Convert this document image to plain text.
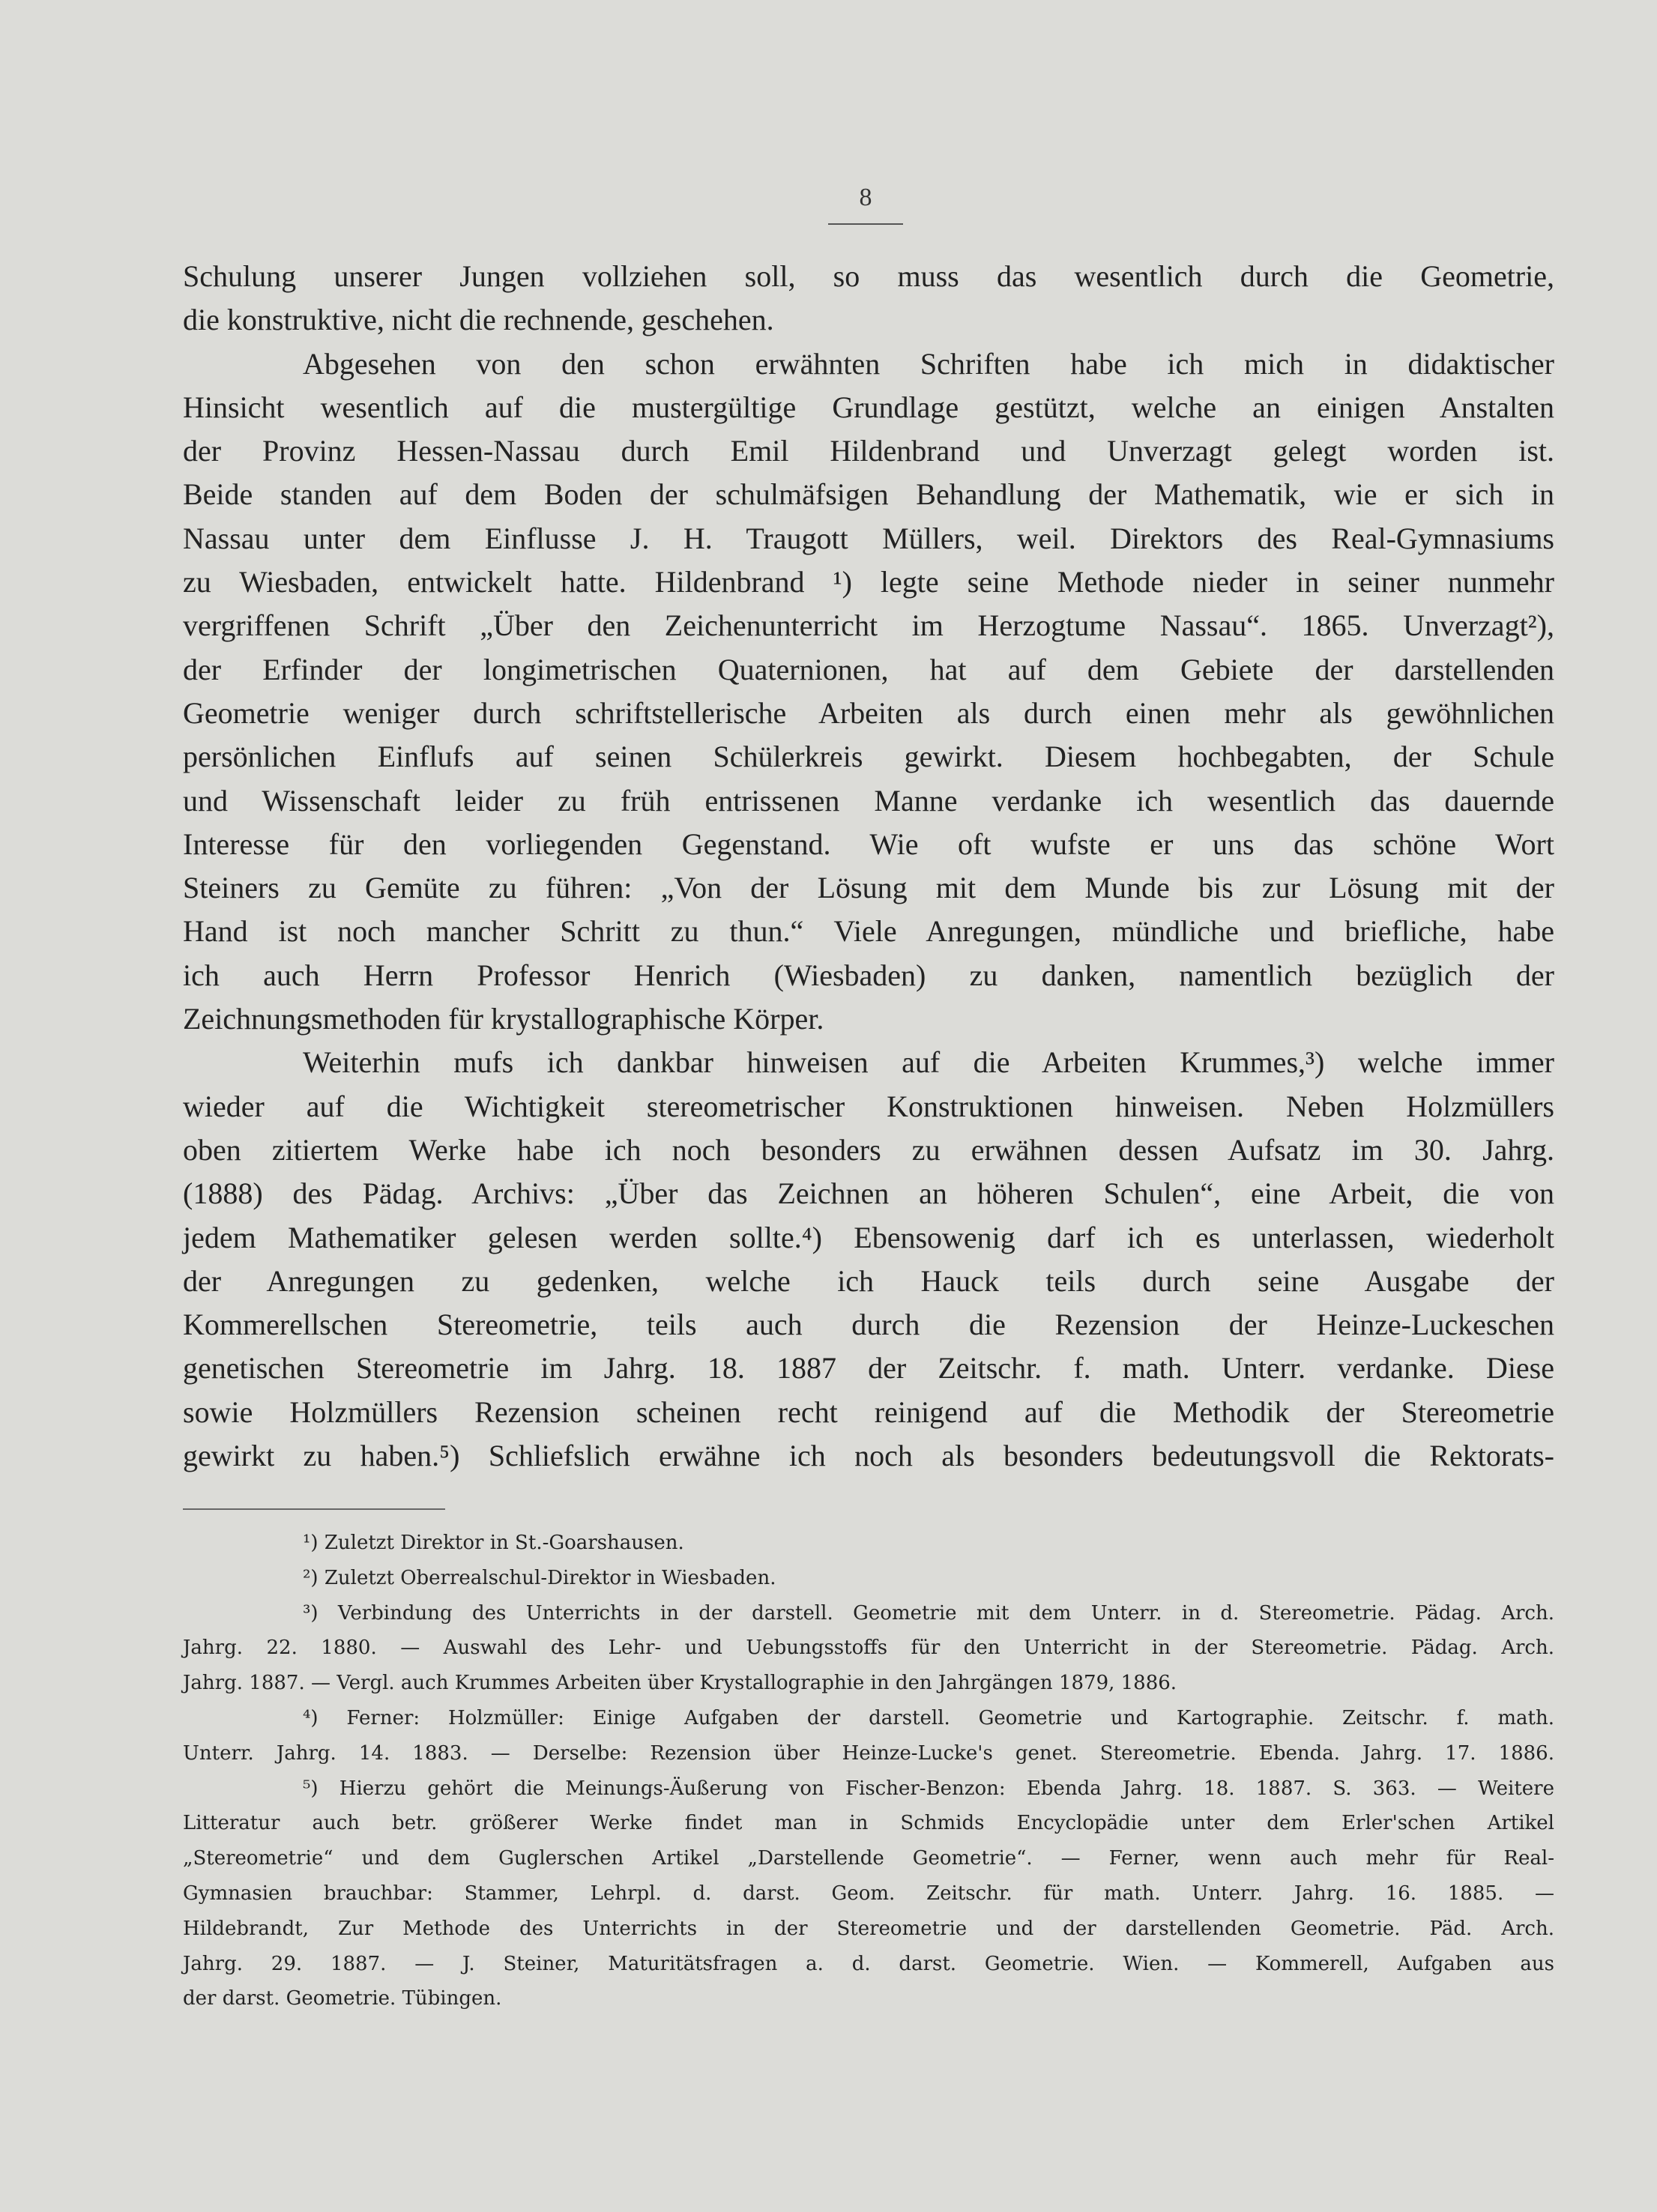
8
Schulung unserer Jungen vollziehen soll, so muss das wesentlich durch die Geometrie,
die konstruktive, nicht die rechnende, geschehen.
Abgesehen von den schon erwähnten Schriften habe ich mich in didaktischer
Hinsicht wesentlich auf die mustergültige Grundlage gestützt, welche an einigen Anstalten
der Provinz Hessen-Nassau durch Emil Hildenbrand und Unverzagt gelegt worden ist.
Beide standen auf dem Boden der schulmäfsigen Behandlung der Mathematik, wie er sich in
Nassau unter dem Einflusse J. H. Traugott Müllers, weil. Direktors des Real-Gymnasiums
zu Wiesbaden, entwickelt hatte. Hildenbrand ¹) legte seine Methode nieder in seiner nunmehr
vergriffenen Schrift „Über den Zeichenunterricht im Herzogtume Nassau“. 1865. Unverzagt²),
der Erfinder der longimetrischen Quaternionen, hat auf dem Gebiete der darstellenden
Geometrie weniger durch schriftstellerische Arbeiten als durch einen mehr als gewöhnlichen
persönlichen Einflufs auf seinen Schülerkreis gewirkt. Diesem hochbegabten, der Schule
und Wissenschaft leider zu früh entrissenen Manne verdanke ich wesentlich das dauernde
Interesse für den vorliegenden Gegenstand. Wie oft wufste er uns das schöne Wort
Steiners zu Gemüte zu führen: „Von der Lösung mit dem Munde bis zur Lösung mit der
Hand ist noch mancher Schritt zu thun.“ Viele Anregungen, mündliche und briefliche, habe
ich auch Herrn Professor Henrich (Wiesbaden) zu danken, namentlich bezüglich der
Zeichnungsmethoden für krystallographische Körper.
Weiterhin mufs ich dankbar hinweisen auf die Arbeiten Krummes,³) welche immer
wieder auf die Wichtigkeit stereometrischer Konstruktionen hinweisen. Neben Holzmüllers
oben zitiertem Werke habe ich noch besonders zu erwähnen dessen Aufsatz im 30. Jahrg.
(1888) des Pädag. Archivs: „Über das Zeichnen an höheren Schulen“, eine Arbeit, die von
jedem Mathematiker gelesen werden sollte.⁴) Ebensowenig darf ich es unterlassen, wiederholt
der Anregungen zu gedenken, welche ich Hauck teils durch seine Ausgabe der
Kommerellschen Stereometrie, teils auch durch die Rezension der Heinze-Luckeschen
genetischen Stereometrie im Jahrg. 18. 1887 der Zeitschr. f. math. Unterr. verdanke. Diese
sowie Holzmüllers Rezension scheinen recht reinigend auf die Methodik der Stereometrie
gewirkt zu haben.⁵) Schliefslich erwähne ich noch als besonders bedeutungsvoll die Rektorats-
¹) Zuletzt Direktor in St.-Goarshausen.
²) Zuletzt Oberrealschul-Direktor in Wiesbaden.
³) Verbindung des Unterrichts in der darstell. Geometrie mit dem Unterr. in d. Stereometrie. Pädag. Arch.
Jahrg. 22. 1880. — Auswahl des Lehr- und Uebungsstoffs für den Unterricht in der Stereometrie. Pädag. Arch.
Jahrg. 1887. — Vergl. auch Krummes Arbeiten über Krystallographie in den Jahrgängen 1879, 1886.
⁴) Ferner: Holzmüller: Einige Aufgaben der darstell. Geometrie und Kartographie. Zeitschr. f. math.
Unterr. Jahrg. 14. 1883. — Derselbe: Rezension über Heinze-Lucke's genet. Stereometrie. Ebenda. Jahrg. 17. 1886.
⁵) Hierzu gehört die Meinungs-Äußerung von Fischer-Benzon: Ebenda Jahrg. 18. 1887. S. 363. — Weitere
Litteratur auch betr. größerer Werke findet man in Schmids Encyclopädie unter dem Erler'schen Artikel
„Stereometrie“ und dem Guglerschen Artikel „Darstellende Geometrie“. — Ferner, wenn auch mehr für Real-
Gymnasien brauchbar: Stammer, Lehrpl. d. darst. Geom. Zeitschr. für math. Unterr. Jahrg. 16. 1885. —
Hildebrandt, Zur Methode des Unterrichts in der Stereometrie und der darstellenden Geometrie. Päd. Arch.
Jahrg. 29. 1887. — J. Steiner, Maturitätsfragen a. d. darst. Geometrie. Wien. — Kommerell, Aufgaben aus
der darst. Geometrie. Tübingen.
